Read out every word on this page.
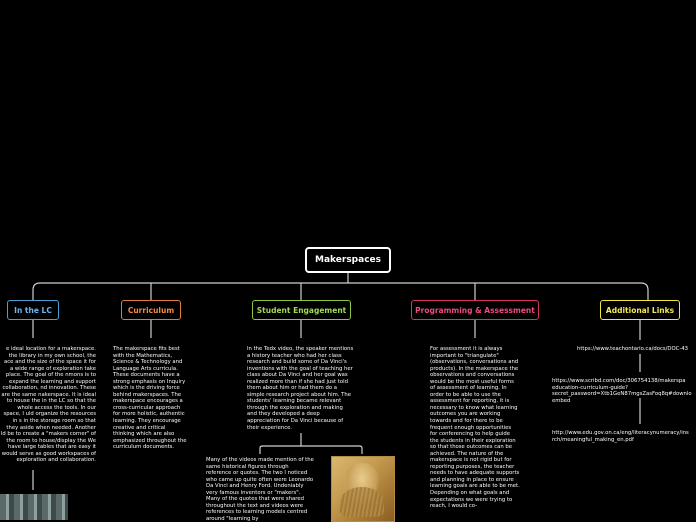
Makerspaces
In the LC	Curriculum	Student Engagement	Programming & Assessment	Additional Links
e ideal location for a makerspace. the library in my own school, the ace and the size of the space it for a wide range of exploration take place. The goal of the nmons is to expand the learning and support collaboration, nd innovation. These are the same nakerspace. It is ideal to house the in the LC so that the whole access the tools. In our space, I uld organize the resources in s in the storage room so that they aside when needed. Another ld be to create a "makers corner" of the room to house/display the We have large tables that are easy it would serve as good workspaces of exploration and collaboration.
The makerspace fits best with the Mathematics, Science & Technology and Language Arts curricula. These documents have a strong emphasis on Inquiry which is the driving force behind makerspaces. The makerspace encourages a cross-curricular approach for more holistic, authentic learning. They encourage creative and critical thinking which are also emphasized throughout the curriculum documents.
In the Tedx video, the speaker mentions a history teacher who had her class research and build some of Da Vinci's inventions with the goal of teaching her class about Da Vinci and her goal was realized more than if she had just told them about him or had them do a simple research project about him. The students' learning became relevant through the exploration and making and they developed a deep appreciation for Da Vinci because of their experience.
Many of the videos made mention of the same historical figures through reference or quotes. The two I noticed who came up quite often were Leonardo Da Vinci and Henry Ford. Undeniably very famous inventors or "makers". Many of the quotes that were shared throughout the text and videos were references to learning models centred around "learning by
For assessment it is always important to "triangulate" (observations, conversations and products). In the makerspace the observations and conversations would be the most useful forms of assessment of learning. In order to be able to use the assessment for reporting, it is necessary to know what learning outcomes you are working towards and for there to be frequent enough opportunities for conferencing to help guide the students in their exploration so that those outcomes can be achieved. The nature of the makerspace is not rigid but for reporting purposes, the teacher needs to have adequate supports and planning in place to ensure learning goals are able to be met. Depending on what goals and expectations we were trying to reach, I would co-
https://www.teachontario.ca/docs/DOC-43
https://www.scribd.com/doc/306754138/makerspa education-curriculum-guide? secret_password=Xtb1GeN87mgsZasFoq8q#downlo embed
http://www.edu.gov.on.ca/eng/literacynumeracy/ins rch/meaningful_making_en.pdf
